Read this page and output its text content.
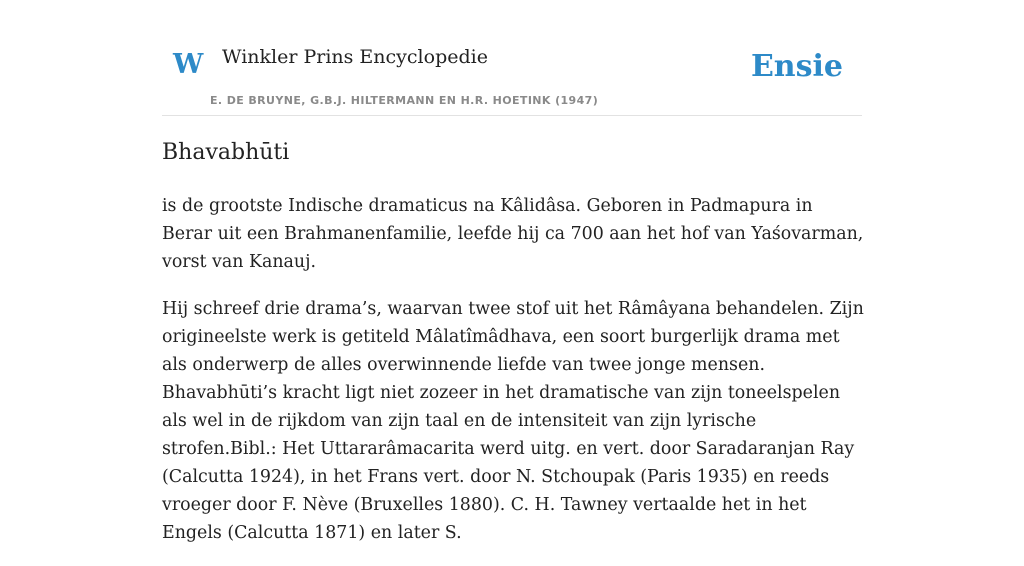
W Winkler Prins Encyclopedie
E. DE BRUYNE, G.B.J. HILTERMANN EN H.R. HOETINK (1947)
Ensie
Bhavabhūti

is de grootste Indische dramaticus na Kâlidâsa. Geboren in Padmapura in Berar uit een Brahmanenfamilie, leefde hij ca 700 aan het hof van Yaśovarman, vorst van Kanauj.

Hij schreef drie drama’s, waarvan twee stof uit het Râmâyana behandelen. Zijn origineelste werk is getiteld Mâlatîmâdhava, een soort burgerlijk drama met als onderwerp de alles overwinnende liefde van twee jonge mensen. Bhavabhūti’s kracht ligt niet zozeer in het dramatische van zijn toneelspelen als wel in de rijkdom van zijn taal en de intensiteit van zijn lyrische strofen.Bibl.: Het Uttararâmacarita werd uitg. en vert. door Saradaranjan Ray (Calcutta 1924), in het Frans vert. door N. Stchoupak (Paris 1935) en reeds vroeger door F. Nève (Bruxelles 1880). C. H. Tawney vertaalde het in het Engels (Calcutta 1871) en later S.
